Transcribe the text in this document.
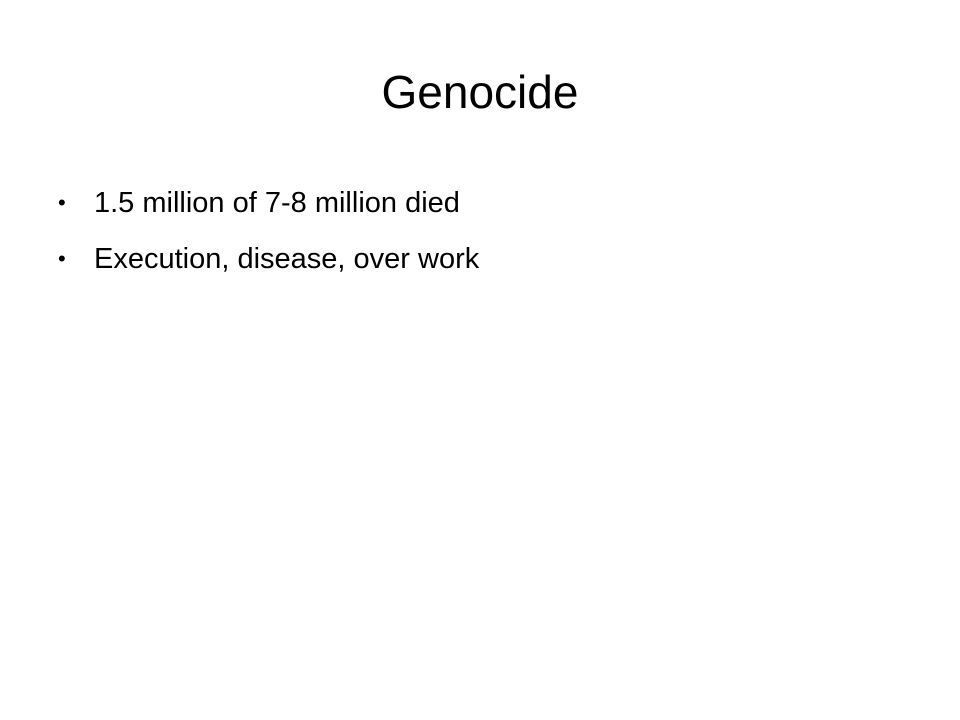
Genocide
• 1.5 million of 7-8 million died
• Execution, disease, over work
